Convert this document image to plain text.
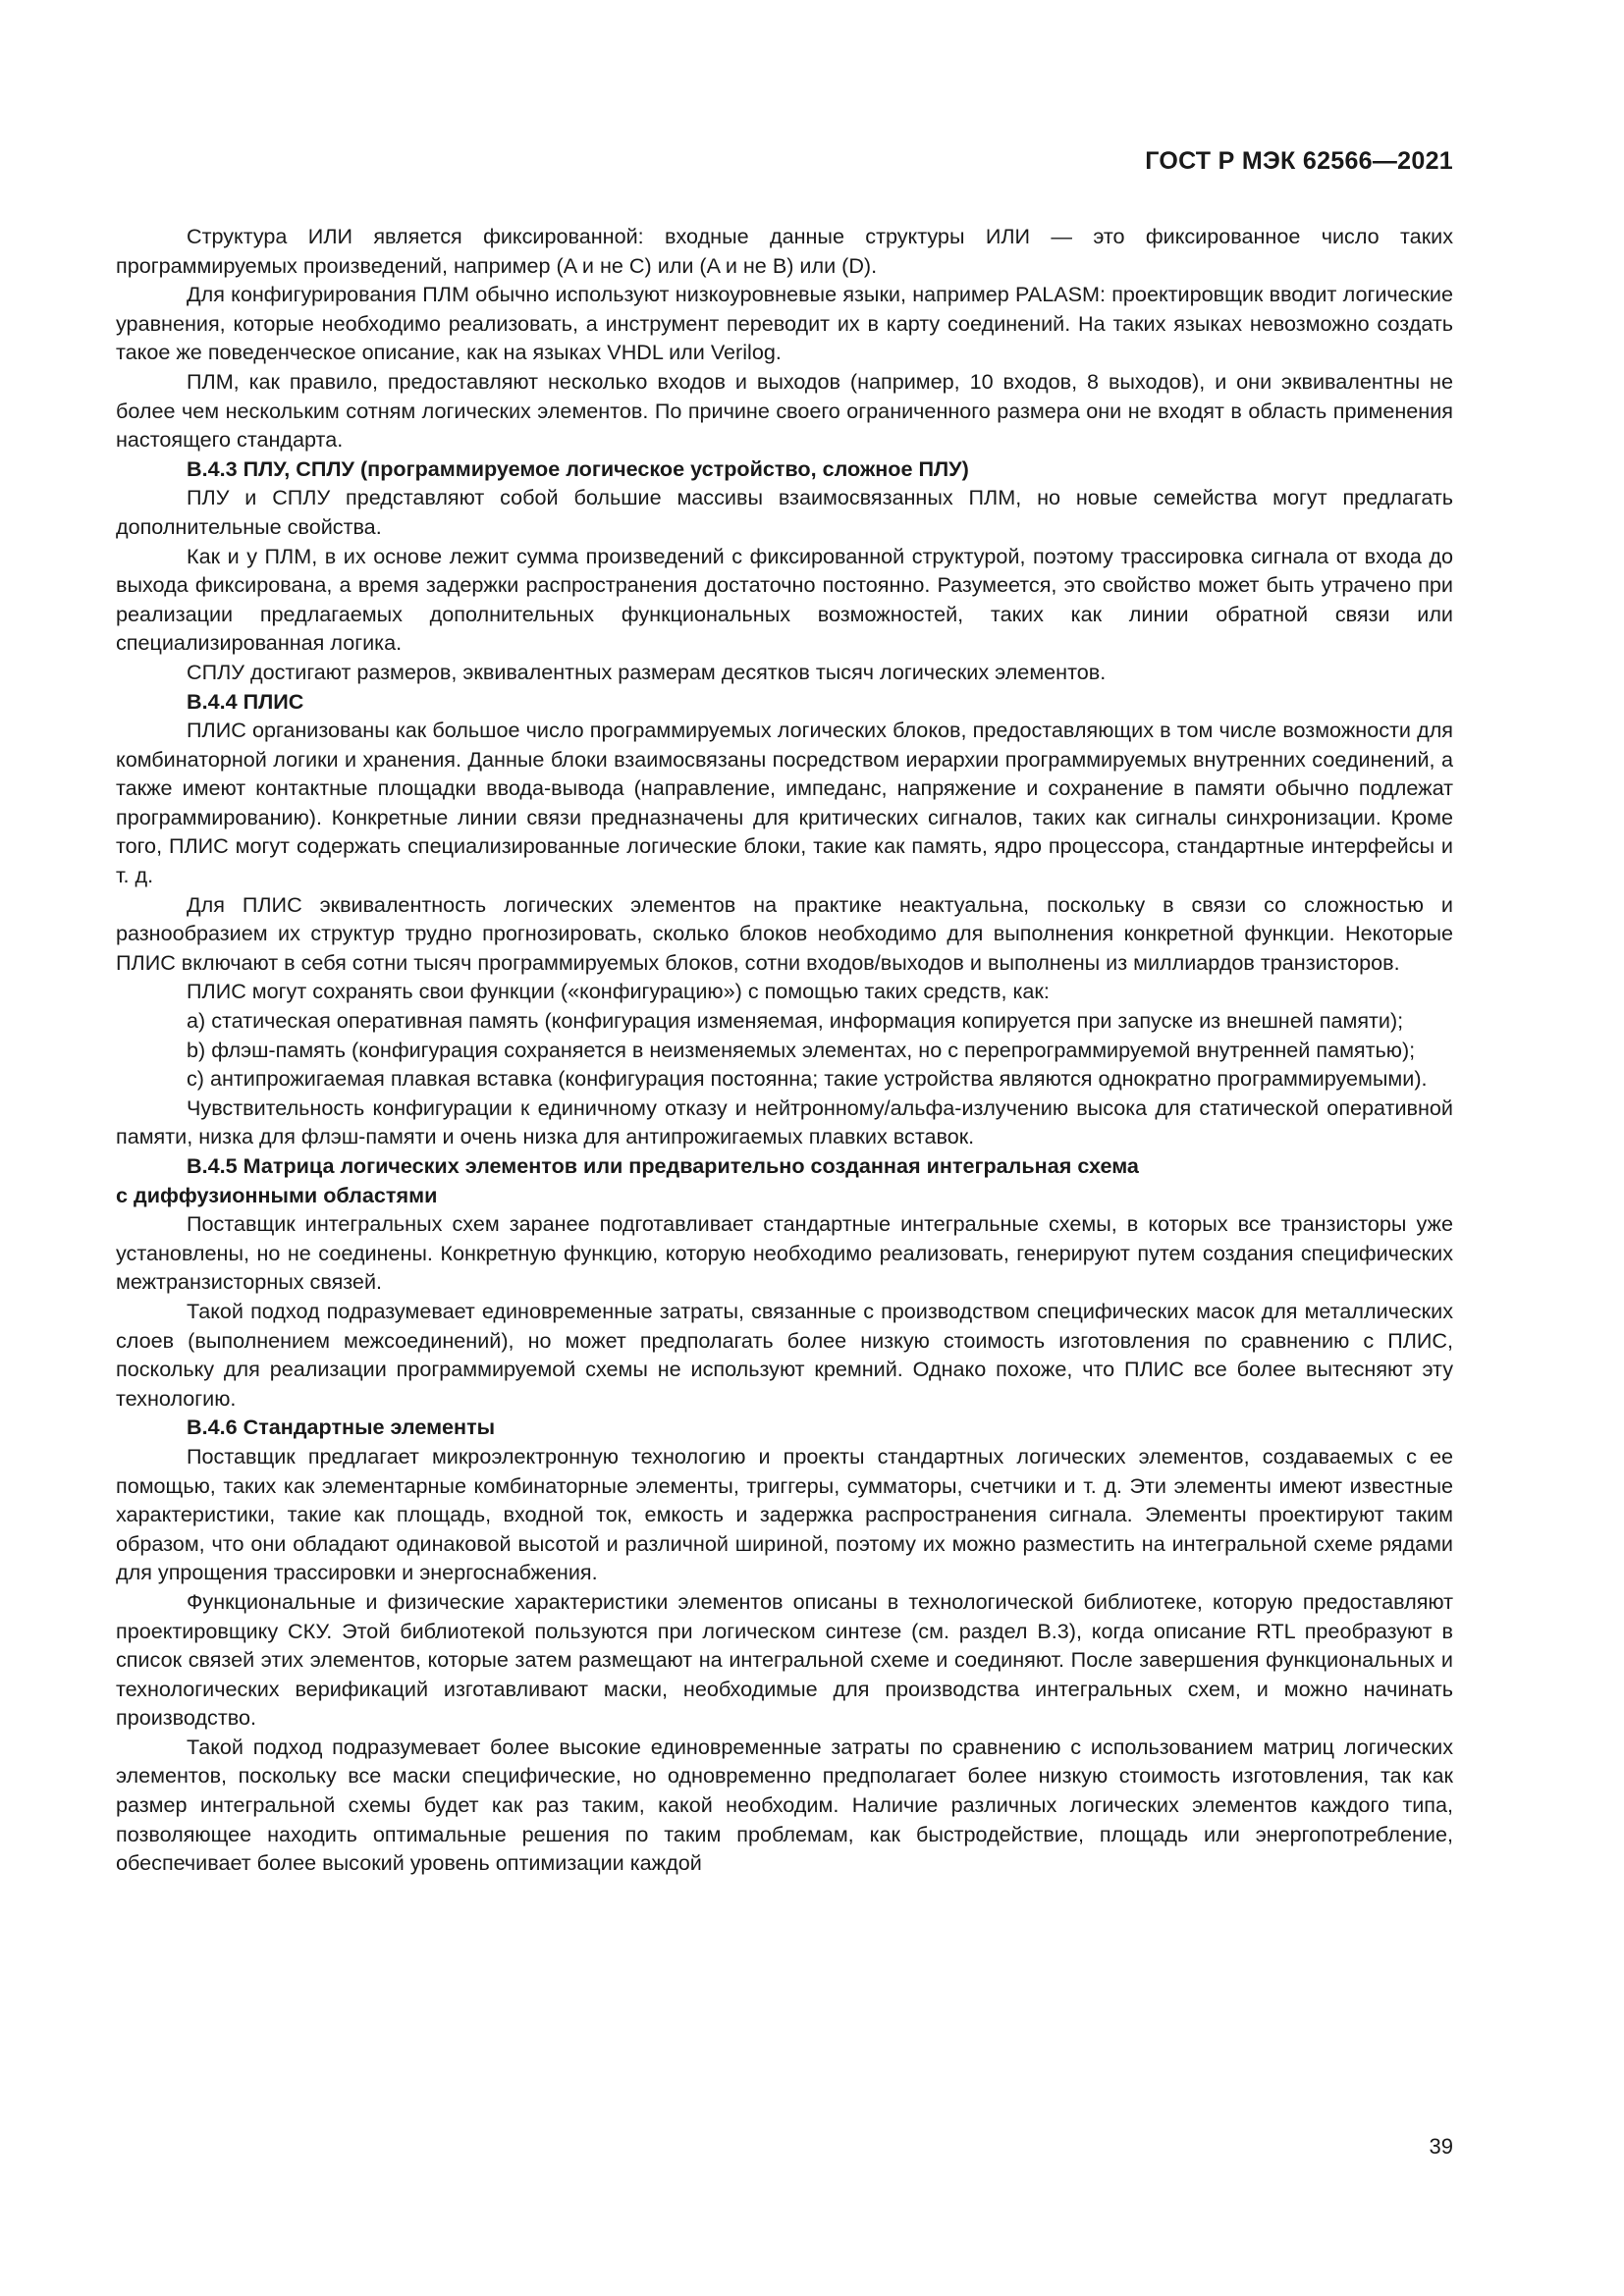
ГОСТ Р МЭК 62566—2021

Структура ИЛИ является фиксированной: входные данные структуры ИЛИ — это фиксированное число таких программируемых произведений, например (A и не C) или (A и не B) или (D).

Для конфигурирования ПЛМ обычно используют низкоуровневые языки, например PALASM: проектировщик вводит логические уравнения, которые необходимо реализовать, а инструмент переводит их в карту соединений. На таких языках невозможно создать такое же поведенческое описание, как на языках VHDL или Verilog.

ПЛМ, как правило, предоставляют несколько входов и выходов (например, 10 входов, 8 выходов), и они эквивалентны не более чем нескольким сотням логических элементов. По причине своего ограниченного размера они не входят в область применения настоящего стандарта.

В.4.3 ПЛУ, СПЛУ (программируемое логическое устройство, сложное ПЛУ)

ПЛУ и СПЛУ представляют собой большие массивы взаимосвязанных ПЛМ, но новые семейства могут предлагать дополнительные свойства.

Как и у ПЛМ, в их основе лежит сумма произведений с фиксированной структурой, поэтому трассировка сигнала от входа до выхода фиксирована, а время задержки распространения достаточно постоянно. Разумеется, это свойство может быть утрачено при реализации предлагаемых дополнительных функциональных возможностей, таких как линии обратной связи или специализированная логика.

СПЛУ достигают размеров, эквивалентных размерам десятков тысяч логических элементов.

В.4.4 ПЛИС

ПЛИС организованы как большое число программируемых логических блоков, предоставляющих в том числе возможности для комбинаторной логики и хранения. Данные блоки взаимосвязаны посредством иерархии программируемых внутренних соединений, а также имеют контактные площадки ввода-вывода (направление, импеданс, напряжение и сохранение в памяти обычно подлежат программированию). Конкретные линии связи предназначены для критических сигналов, таких как сигналы синхронизации. Кроме того, ПЛИС могут содержать специализированные логические блоки, такие как память, ядро процессора, стандартные интерфейсы и т. д.

Для ПЛИС эквивалентность логических элементов на практике неактуальна, поскольку в связи со сложностью и разнообразием их структур трудно прогнозировать, сколько блоков необходимо для выполнения конкретной функции. Некоторые ПЛИС включают в себя сотни тысяч программируемых блоков, сотни входов/выходов и выполнены из миллиардов транзисторов.

ПЛИС могут сохранять свои функции («конфигурацию») с помощью таких средств, как:

a) статическая оперативная память (конфигурация изменяемая, информация копируется при запуске из внешней памяти);

b) флэш-память (конфигурация сохраняется в неизменяемых элементах, но с перепрограммируемой внутренней памятью);

c) антипрожигаемая плавкая вставка (конфигурация постоянна; такие устройства являются однократно программируемыми).

Чувствительность конфигурации к единичному отказу и нейтронному/альфа-излучению высока для статической оперативной памяти, низка для флэш-памяти и очень низка для антипрожигаемых плавких вставок.

В.4.5 Матрица логических элементов или предварительно созданная интегральная схема

с диффузионными областями

Поставщик интегральных схем заранее подготавливает стандартные интегральные схемы, в которых все транзисторы уже установлены, но не соединены. Конкретную функцию, которую необходимо реализовать, генерируют путем создания специфических межтранзисторных связей.

Такой подход подразумевает единовременные затраты, связанные с производством специфических масок для металлических слоев (выполнением межсоединений), но может предполагать более низкую стоимость изготовления по сравнению с ПЛИС, поскольку для реализации программируемой схемы не используют кремний. Однако похоже, что ПЛИС все более вытесняют эту технологию.

В.4.6 Стандартные элементы

Поставщик предлагает микроэлектронную технологию и проекты стандартных логических элементов, создаваемых с ее помощью, таких как элементарные комбинаторные элементы, триггеры, сумматоры, счетчики и т. д. Эти элементы имеют известные характеристики, такие как площадь, входной ток, емкость и задержка распространения сигнала. Элементы проектируют таким образом, что они обладают одинаковой высотой и различной шириной, поэтому их можно разместить на интегральной схеме рядами для упрощения трассировки и энергоснабжения.

Функциональные и физические характеристики элементов описаны в технологической библиотеке, которую предоставляют проектировщику СКУ. Этой библиотекой пользуются при логическом синтезе (см. раздел В.3), когда описание RTL преобразуют в список связей этих элементов, которые затем размещают на интегральной схеме и соединяют. После завершения функциональных и технологических верификаций изготавливают маски, необходимые для производства интегральных схем, и можно начинать производство.

Такой подход подразумевает более высокие единовременные затраты по сравнению с использованием матриц логических элементов, поскольку все маски специфические, но одновременно предполагает более низкую стоимость изготовления, так как размер интегральной схемы будет как раз таким, какой необходим. Наличие различных логических элементов каждого типа, позволяющее находить оптимальные решения по таким проблемам, как быстродействие, площадь или энергопотребление, обеспечивает более высокий уровень оптимизации каждой

39
